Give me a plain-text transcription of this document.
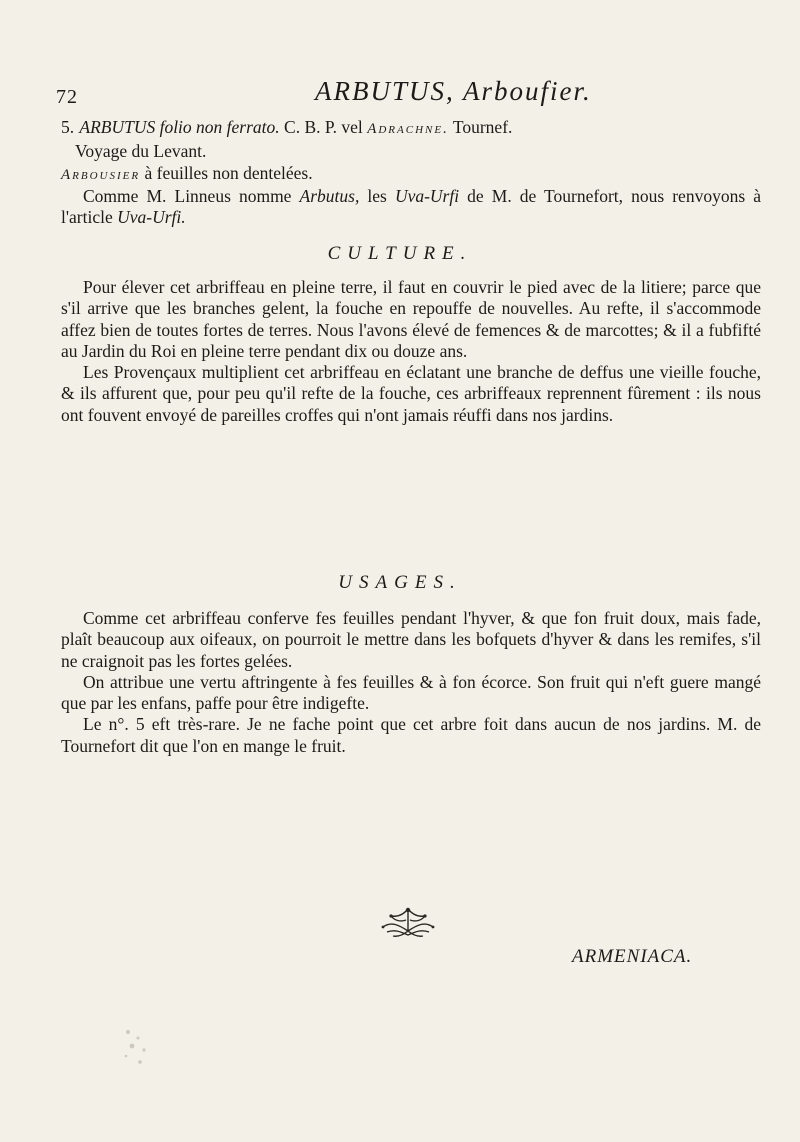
72	ARBUTUS, Arboufier.
5. ARBUTUS folio non ferrato. C. B. P. vel Adrachne. Tournef.
Voyage du Levant.
Arbousier à feuilles non dentelées.

Comme M. Linneus nomme Arbutus, les Uva-Urfi de M. de Tournefort, nous renvoyons à l'article Uva-Urfi.

CULTURE.

Pour élever cet arbriffeau en pleine terre, il faut en couvrir le pied avec de la litiere; parce que s'il arrive que les branches gelent, la fouche en repouffe de nouvelles. Au refte, il s'accommode affez bien de toutes fortes de terres. Nous l'avons élevé de femences & de marcottes; & il a fubfifté au Jardin du Roi en pleine terre pendant dix ou douze ans.

Les Provençaux multiplient cet arbriffeau en éclatant une branche de deffus une vieille fouche, & ils affurent que, pour peu qu'il refte de la fouche, ces arbriffeaux reprennent fûrement : ils nous ont fouvent envoyé de pareilles croffes qui n'ont jamais réuffi dans nos jardins.

USAGES.

Comme cet arbriffeau conferve fes feuilles pendant l'hyver, & que fon fruit doux, mais fade, plaît beaucoup aux oifeaux, on pourroit le mettre dans les bofquets d'hyver & dans les remifes, s'il ne craignoit pas les fortes gelées.

On attribue une vertu aftringente à fes feuilles & à fon écorce. Son fruit qui n'eft guere mangé que par les enfans, paffe pour être indigefte.

Le n°. 5 eft très-rare. Je ne fache point que cet arbre foit dans aucun de nos jardins. M. de Tournefort dit que l'on en mange le fruit.

ARMENIACA.
